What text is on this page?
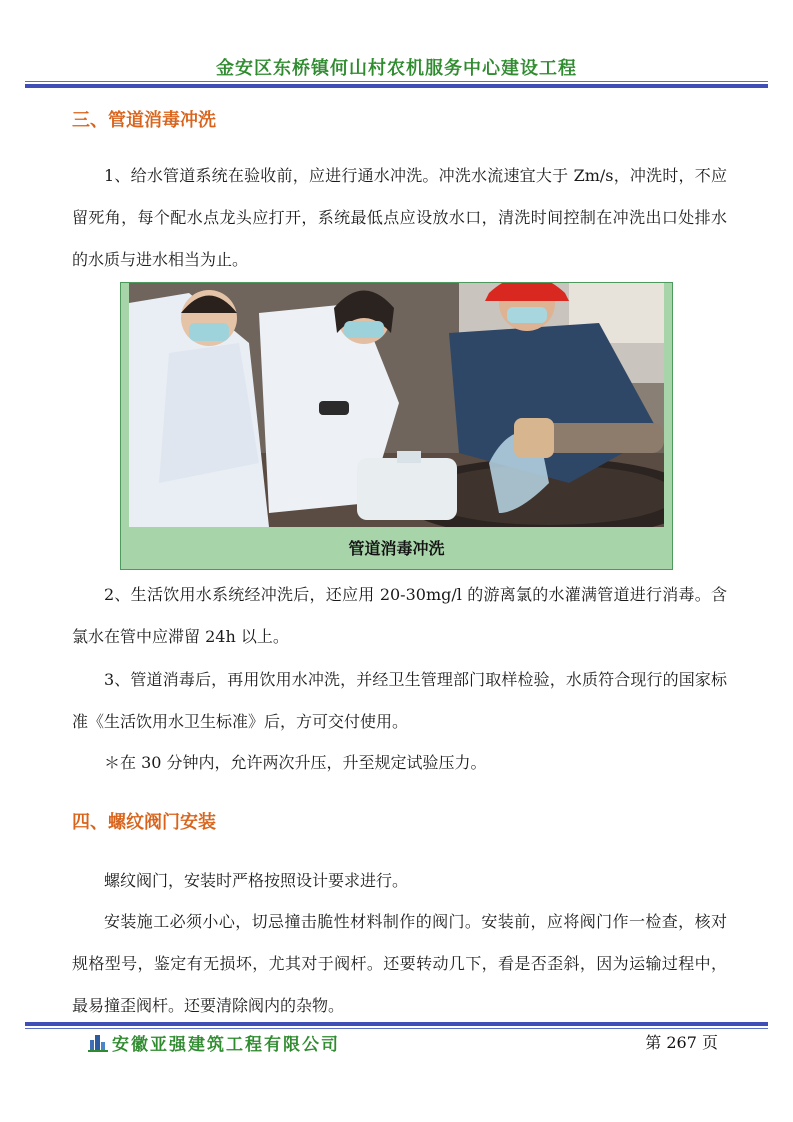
金安区东桥镇何山村农机服务中心建设工程
三、管道消毒冲洗

1、给水管道系统在验收前，应进行通水冲洗。冲洗水流速宜大于 Zm/s，冲洗时，不应留死角，每个配水点龙头应打开，系统最低点应设放水口，清洗时间控制在冲洗出口处排水的水质与进水相当为止。

管道消毒冲洗

2、生活饮用水系统经冲洗后，还应用 20-30mg/l 的游离氯的水灌满管道进行消毒。含氯水在管中应滞留 24h 以上。

3、管道消毒后，再用饮用水冲洗，并经卫生管理部门取样检验，水质符合现行的国家标准《生活饮用水卫生标准》后，方可交付使用。

＊在 30 分钟内，允许两次升压，升至规定试验压力。

四、螺纹阀门安装

螺纹阀门，安装时严格按照设计要求进行。

安装施工必须小心，切忌撞击脆性材料制作的阀门。安装前，应将阀门作一检查，核对规格型号，鉴定有无损坏，尤其对于阀杆。还要转动几下，看是否歪斜，因为运输过程中，最易撞歪阀杆。还要清除阀内的杂物。

安徽亚强建筑工程有限公司	第 267 页
